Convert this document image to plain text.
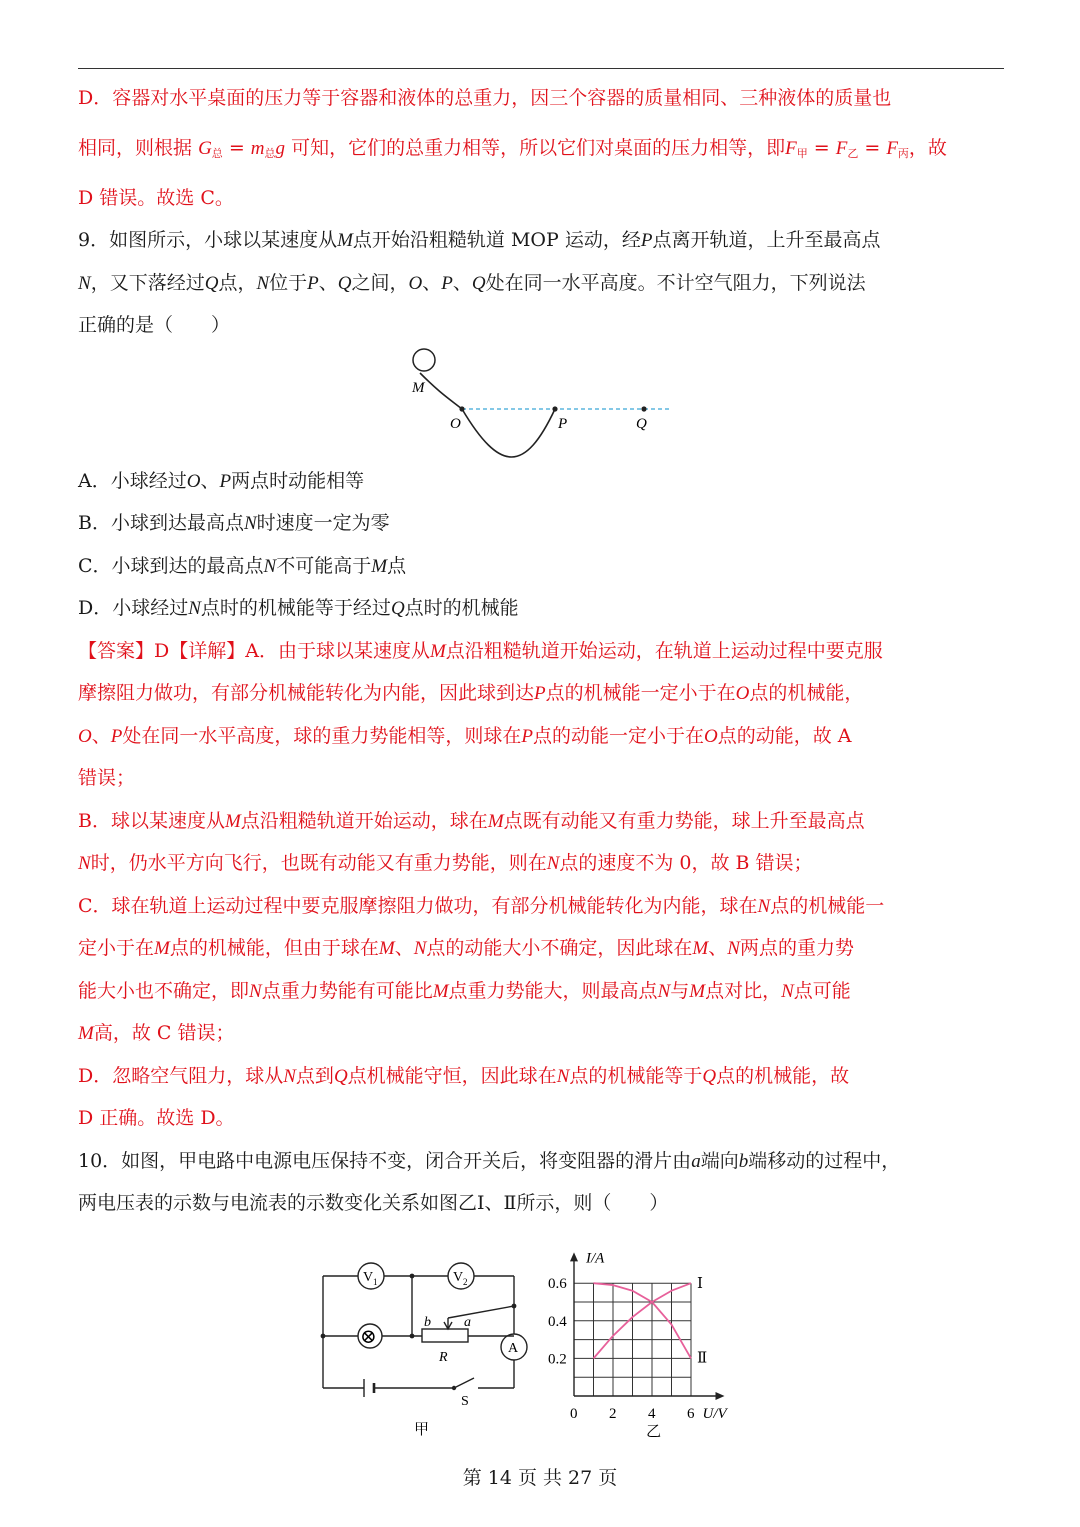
D．容器对水平桌面的压力等于容器和液体的总重力，因三个容器的质量相同、三种液体的质量也
相同，则根据 $G_总 = m_总g$ 可知，它们的总重力相等，所以它们对桌面的压力相等，即$F_甲 = F_乙 = F_丙$，故
D 错误。故选 C。
9．如图所示，小球以某速度从M点开始沿粗糙轨道 MOP 运动，经P点离开轨道，上升至最高点
N，又下落经过Q点，N位于P、Q之间，O、P、Q处在同一水平高度。不计空气阻力，下列说法
正确的是（　　）
M
O	P	Q
A．小球经过O、P两点时动能相等
B．小球到达最高点N时速度一定为零
C．小球到达的最高点N不可能高于M点
D．小球经过N点时的机械能等于经过Q点时的机械能
【答案】D【详解】A．由于球以某速度从M点沿粗糙轨道开始运动，在轨道上运动过程中要克服
摩擦阻力做功，有部分机械能转化为内能，因此球到达P点的机械能一定小于在O点的机械能，
O、P处在同一水平高度，球的重力势能相等，则球在P点的动能一定小于在O点的动能，故 A
错误；
B．球以某速度从M点沿粗糙轨道开始运动，球在M点既有动能又有重力势能，球上升至最高点
N时，仍水平方向飞行，也既有动能又有重力势能，则在N点的速度不为 0，故 B 错误；
C．球在轨道上运动过程中要克服摩擦阻力做功，有部分机械能转化为内能，球在N点的机械能一
定小于在M点的机械能，但由于球在M、N点的动能大小不确定，因此球在M、N两点的重力势
能大小也不确定，即N点重力势能有可能比M点重力势能大，则最高点N与M点对比，N点可能
M高，故 C 错误；
D．忽略空气阻力，球从N点到Q点机械能守恒，因此球在N点的机械能等于Q点的机械能，故
D 正确。故选 D。
10．如图，甲电路中电源电压保持不变，闭合开关后，将变阻器的滑片由a端向b端移动的过程中，
两电压表的示数与电流表的示数变化关系如图乙Ⅰ、Ⅱ所示，则（　　）
V 1	V 2
A
⊗
b a
R
S
甲
0 2 4 6
0.2
0.4
0.6
I/A
U/V
Ⅰ
Ⅱ
乙
第 14 页 共 27 页
